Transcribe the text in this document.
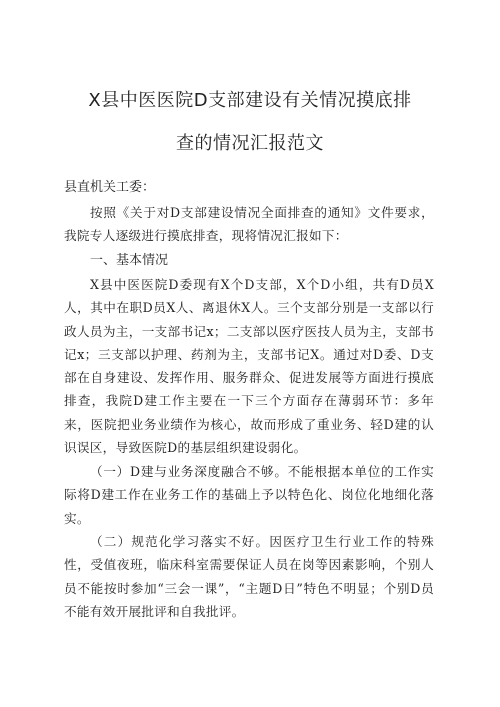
X县中医医院D支部建设有关情况摸底排
查的情况汇报范文
县直机关工委：

按照《关于对D支部建设情况全面排查的通知》文件要求，我院专人逐级进行摸底排查，现将情况汇报如下：

一、基本情况

X县中医医院D委现有X个D支部，X个D小组，共有D员X人，其中在职D员X人、离退休X人。三个支部分别是一支部以行政人员为主，一支部书记x；二支部以医疗医技人员为主，支部书记x；三支部以护理、药剂为主，支部书记X。通过对D委、D支部在自身建设、发挥作用、服务群众、促进发展等方面进行摸底排查，我院D建工作主要在一下三个方面存在薄弱环节：多年来，医院把业务业绩作为核心，故而形成了重业务、轻D建的认识误区，导致医院D的基层组织建设弱化。

（一）D建与业务深度融合不够。不能根据本单位的工作实际将D建工作在业务工作的基础上予以特色化、岗位化地细化落实。

（二）规范化学习落实不好。因医疗卫生行业工作的特殊性，受值夜班，临床科室需要保证人员在岗等因素影响，个别人员不能按时参加“三会一课”，“主题D日”特色不明显；个别D员不能有效开展批评和自我批评。
